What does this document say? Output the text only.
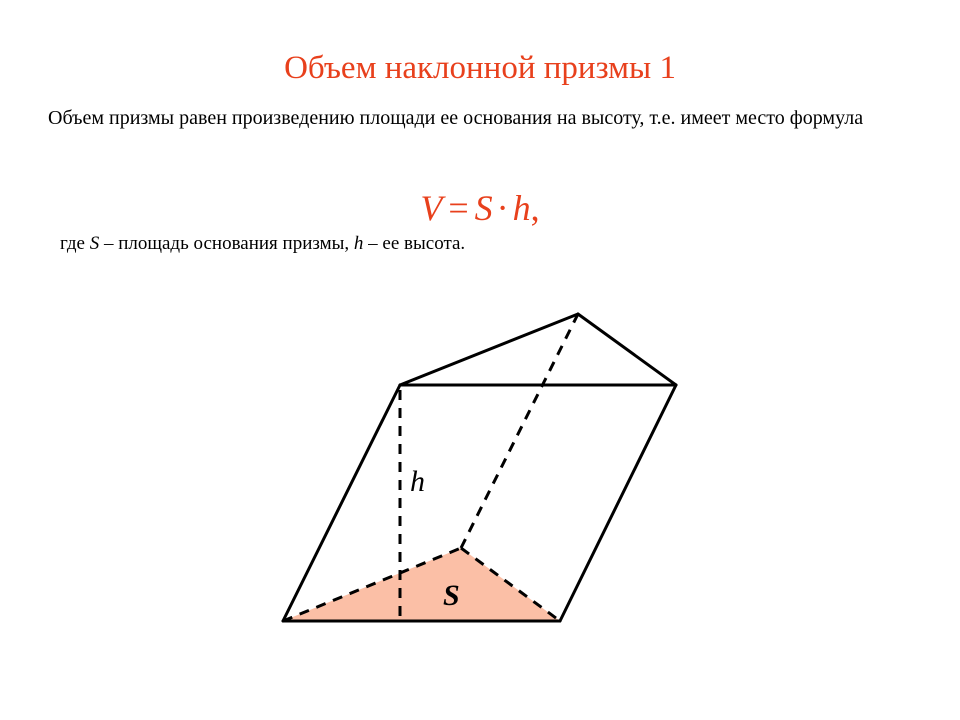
Объем наклонной призмы 1
Объем призмы равен произведению площади ее основания на высоту, т.е. имеет место формула
V = S · h,
где S – площадь основания призмы, h – ее высота.
h
S
